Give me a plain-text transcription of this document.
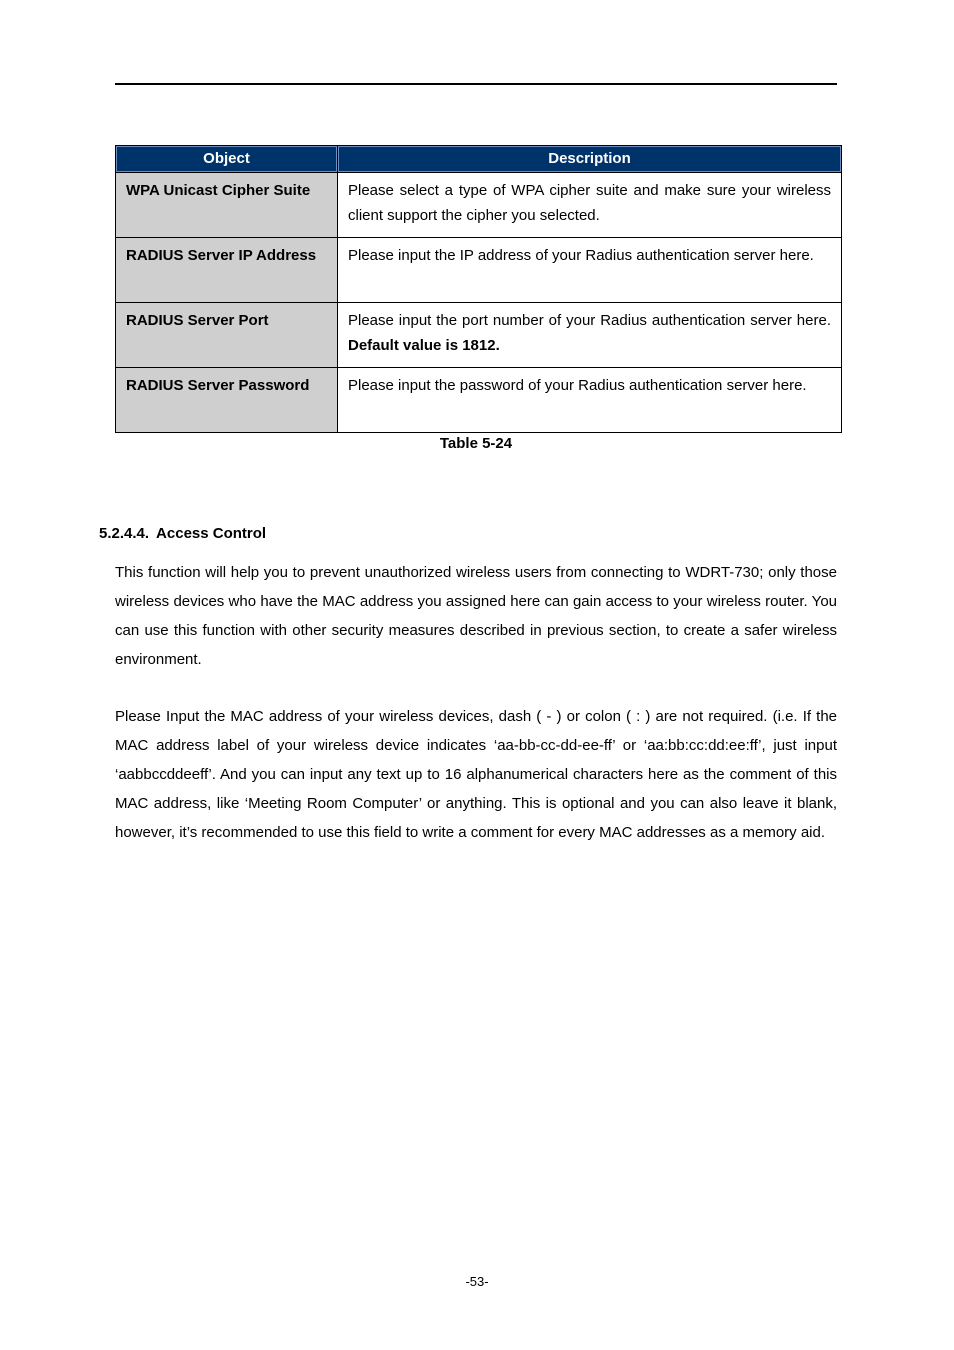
Object	Description
WPA Unicast Cipher Suite	Please select a type of WPA cipher suite and make sure your wireless client support the cipher you selected.
RADIUS Server IP Address	Please input the IP address of your Radius authentication server here.
RADIUS Server Port	Please input the port number of your Radius authentication server here. Default value is 1812.
RADIUS Server Password	Please input the password of your Radius authentication server here.
Table 5-24
5.2.4.4. Access Control

This function will help you to prevent unauthorized wireless users from connecting to WDRT-730; only those wireless devices who have the MAC address you assigned here can gain access to your wireless router. You can use this function with other security measures described in previous section, to create a safer wireless environment.

Please Input the MAC address of your wireless devices, dash ( - ) or colon ( : ) are not required. (i.e. If the MAC address label of your wireless device indicates ‘aa-bb-cc-dd-ee-ff’ or ‘aa:bb:cc:dd:ee:ff’, just input ‘aabbccddeeff’. And you can input any text up to 16 alphanumerical characters here as the comment of this MAC address, like ‘Meeting Room Computer’ or anything. This is optional and you can also leave it blank, however, it’s recommended to use this field to write a comment for every MAC addresses as a memory aid.

-53-
